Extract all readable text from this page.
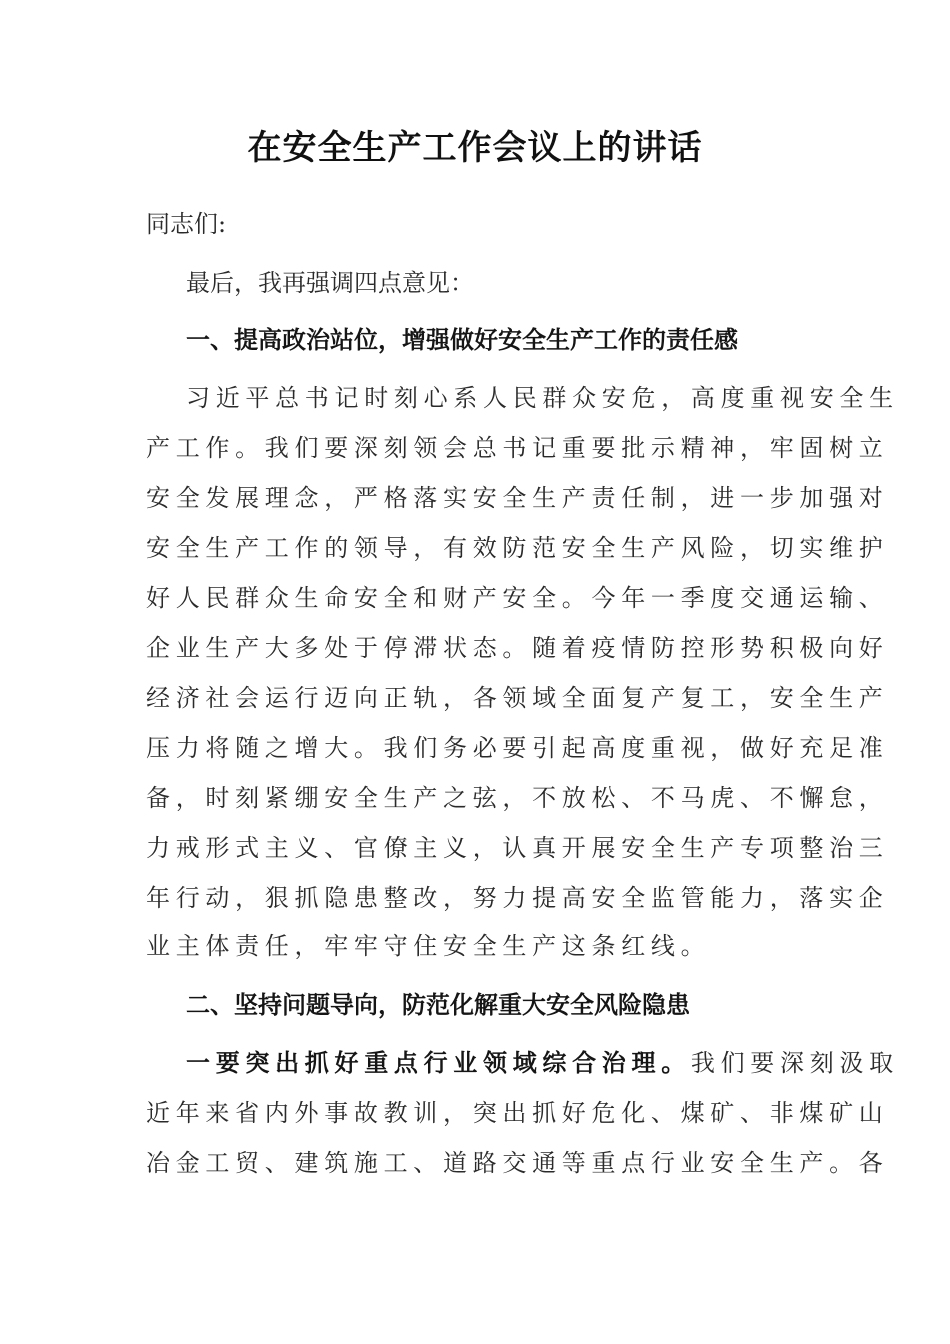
在安全生产工作会议上的讲话
同志们:
最后，我再强调四点意见：
一、提高政治站位，增强做好安全生产工作的责任感
习近平总书记时刻心系人民群众安危，高度重视安全生
产工作。我们要深刻领会总书记重要批示精神，牢固树立
安全发展理念，严格落实安全生产责任制，进一步加强对
安全生产工作的领导，有效防范安全生产风险，切实维护
好人民群众生命安全和财产安全。今年一季度交通运输、
企业生产大多处于停滞状态。随着疫情防控形势积极向好
经济社会运行迈向正轨，各领域全面复产复工，安全生产
压力将随之增大。我们务必要引起高度重视，做好充足准
备，时刻紧绷安全生产之弦，不放松、不马虎、不懈怠，
力戒形式主义、官僚主义，认真开展安全生产专项整治三
年行动，狠抓隐患整改，努力提高安全监管能力，落实企
业主体责任，牢牢守住安全生产这条红线。
二、坚持问题导向，防范化解重大安全风险隐患
一要突出抓好重点行业领域综合治理。我们要深刻汲取
近年来省内外事故教训，突出抓好危化、煤矿、非煤矿山
冶金工贸、建筑施工、道路交通等重点行业安全生产。各
